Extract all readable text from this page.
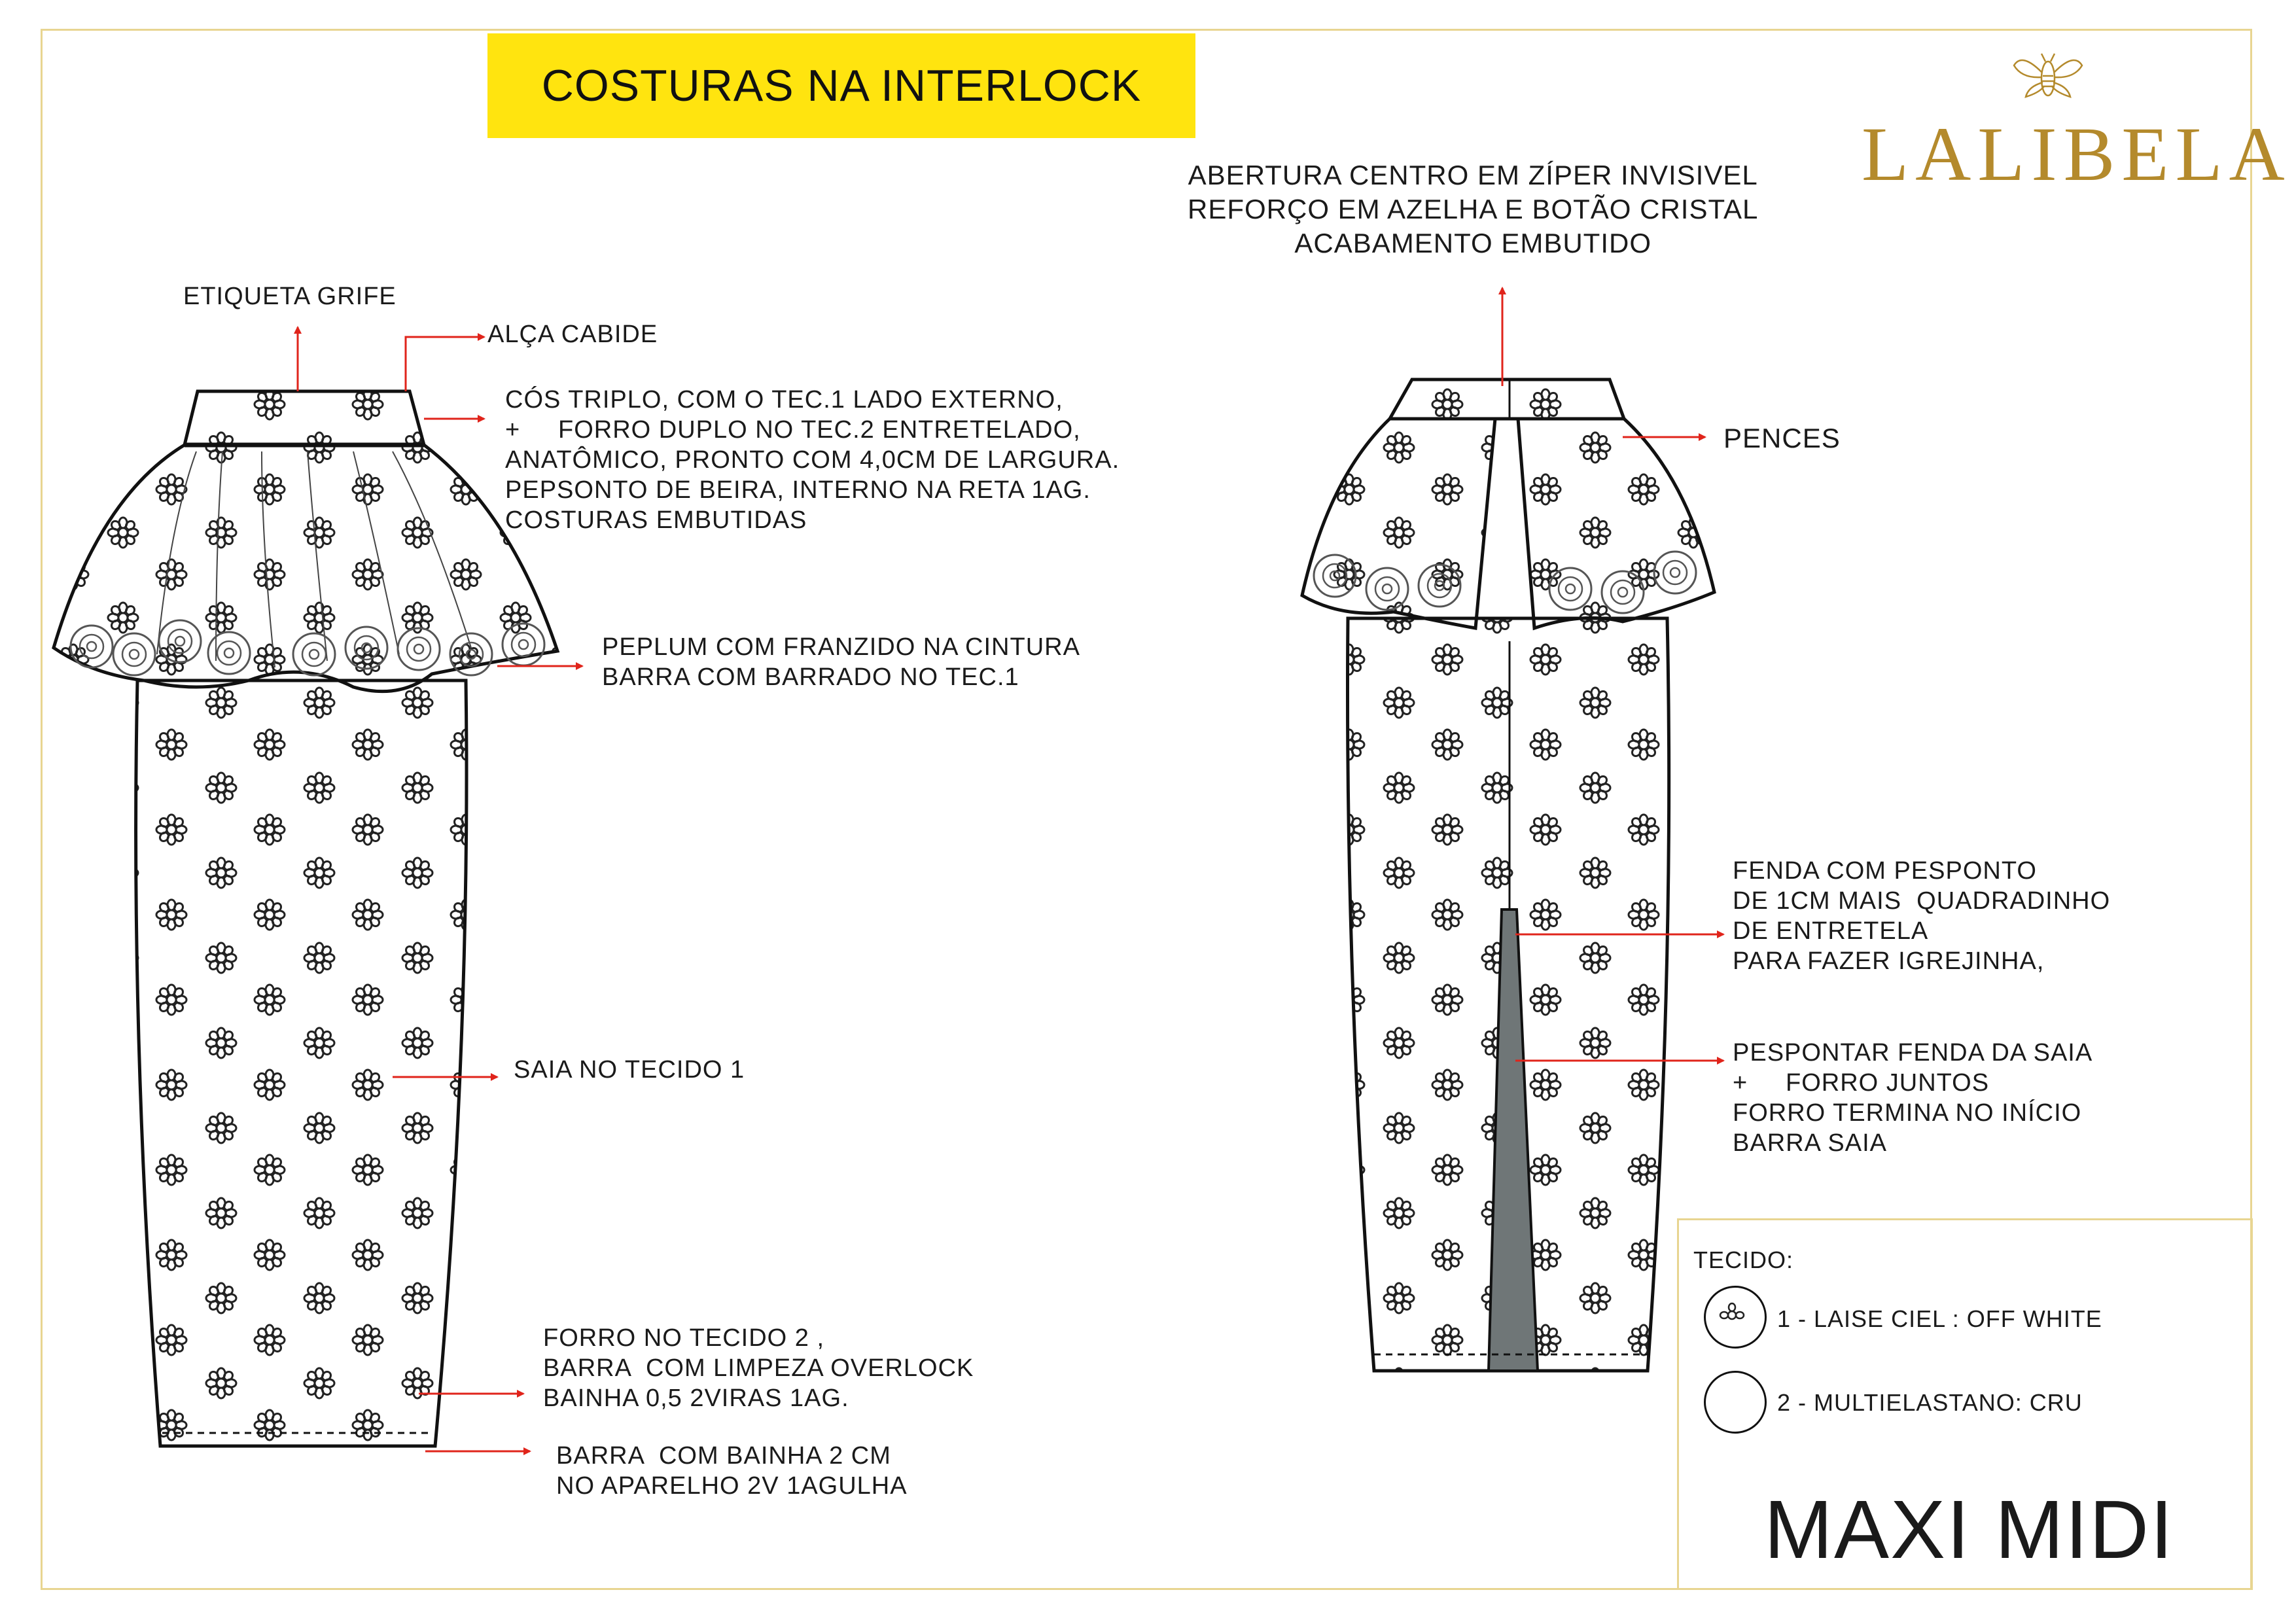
COSTURAS NA INTERLOCK
LALIBELA
ETIQUETA GRIFE
ALÇA CABIDE
CÓS TRIPLO, COM O TEC.1 LADO EXTERNO,
+     FORRO DUPLO NO TEC.2 ENTRETELADO,
ANATÔMICO, PRONTO COM 4,0CM DE LARGURA.
PEPSONTO DE BEIRA, INTERNO NA RETA 1AG.
COSTURAS EMBUTIDAS
PEPLUM COM FRANZIDO NA CINTURA
BARRA COM BARRADO NO TEC.1
SAIA NO TECIDO 1
FORRO NO TECIDO 2 ,
BARRA  COM LIMPEZA OVERLOCK
BAINHA 0,5 2VIRAS 1AG.
BARRA  COM BAINHA 2 CM
NO APARELHO 2V 1AGULHA
ABERTURA CENTRO EM ZÍPER INVISIVEL
REFORÇO EM AZELHA E BOTÃO CRISTAL
ACABAMENTO EMBUTIDO
PENCES
FENDA COM PESPONTO
DE 1CM MAIS  QUADRADINHO
DE ENTRETELA
PARA FAZER IGREJINHA,
PESPONTAR FENDA DA SAIA
+     FORRO JUNTOS
FORRO TERMINA NO INÍCIO
BARRA SAIA
TECIDO:
1 - LAISE CIEL : OFF WHITE
2 - MULTIELASTANO: CRU
MAXI MIDI
